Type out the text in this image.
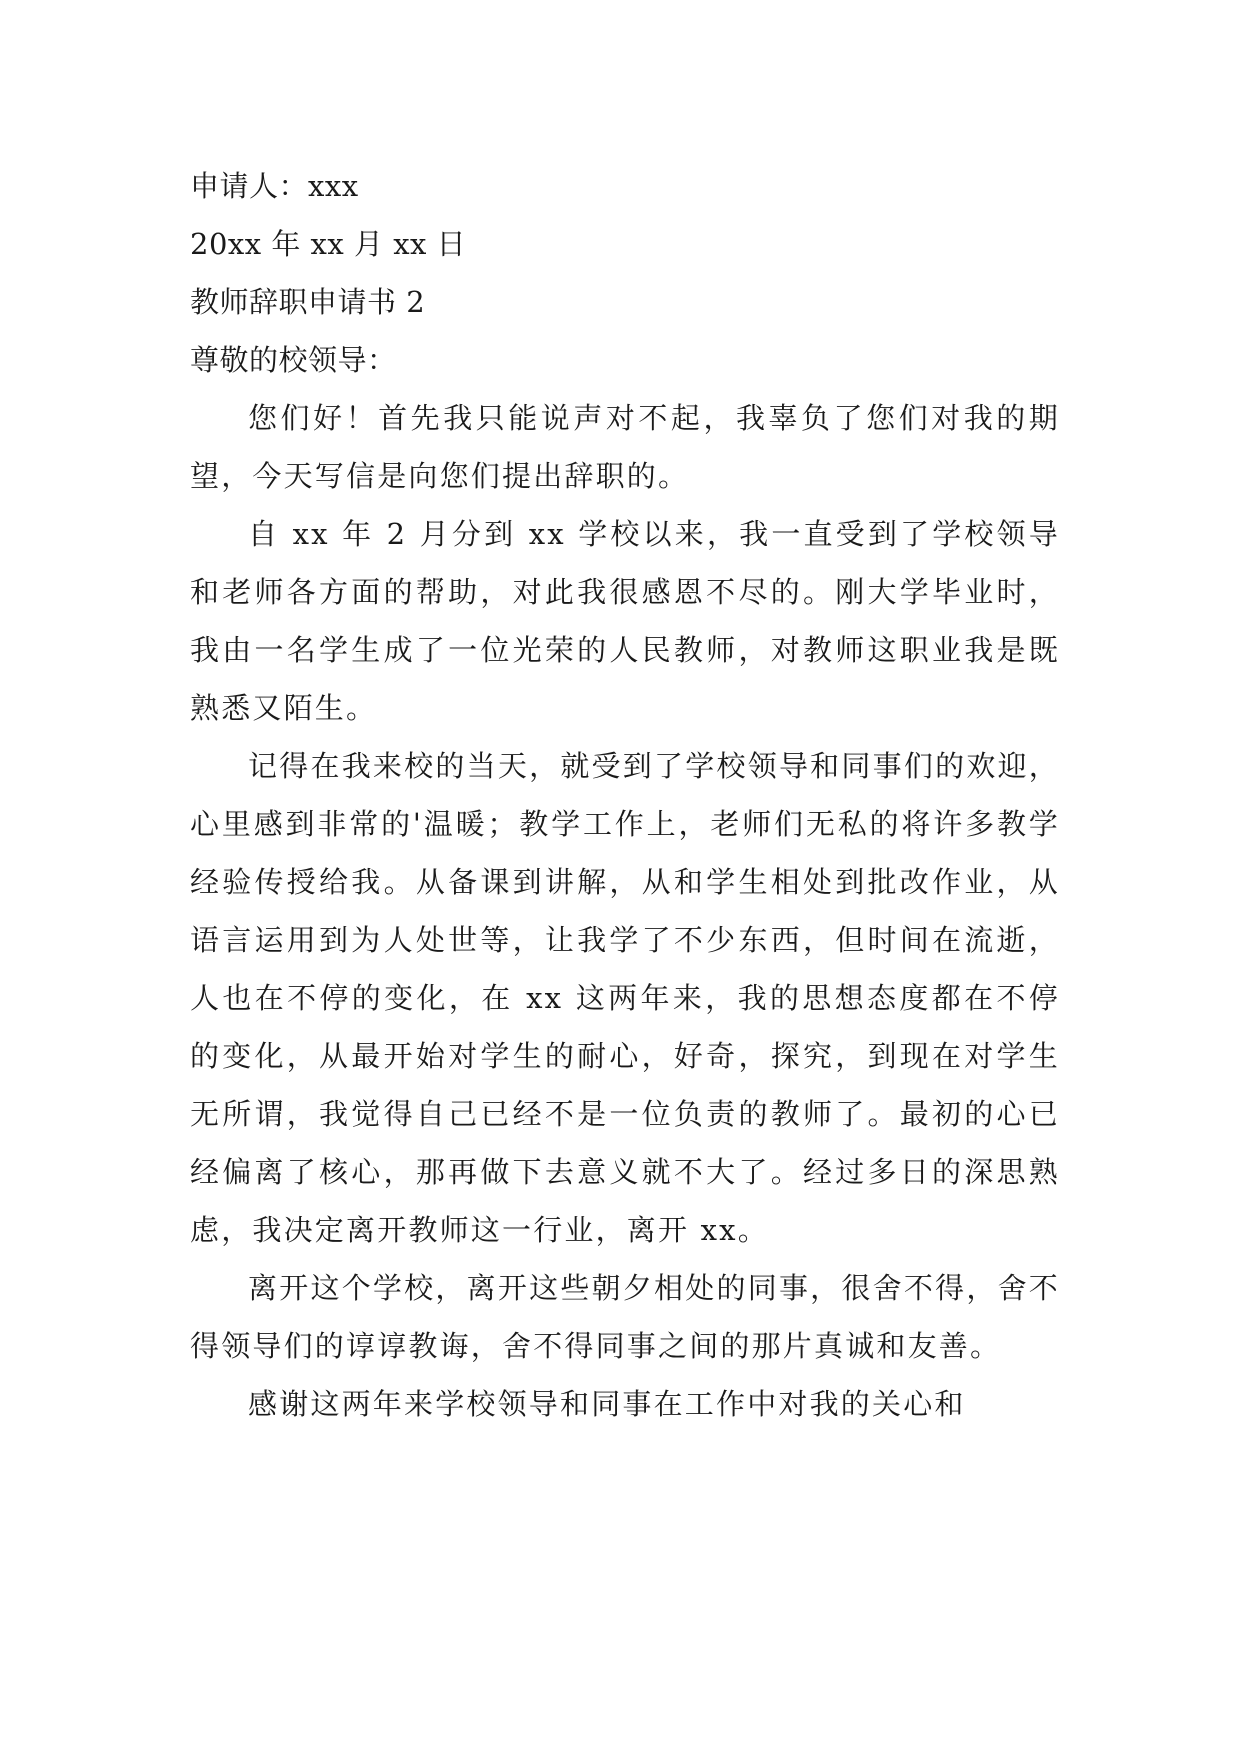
申请人：xxx

20xx 年 xx 月 xx 日

教师辞职申请书 2

尊敬的校领导：

您们好！首先我只能说声对不起，我辜负了您们对我的期望，今天写信是向您们提出辞职的。

自 xx 年 2 月分到 xx 学校以来，我一直受到了学校领导和老师各方面的帮助，对此我很感恩不尽的。刚大学毕业时，我由一名学生成了一位光荣的人民教师，对教师这职业我是既熟悉又陌生。

记得在我来校的当天，就受到了学校领导和同事们的欢迎，心里感到非常的'温暖；教学工作上，老师们无私的将许多教学经验传授给我。从备课到讲解，从和学生相处到批改作业，从语言运用到为人处世等，让我学了不少东西，但时间在流逝，人也在不停的变化，在 xx 这两年来，我的思想态度都在不停的变化，从最开始对学生的耐心，好奇，探究，到现在对学生无所谓，我觉得自己已经不是一位负责的教师了。最初的心已经偏离了核心，那再做下去意义就不大了。经过多日的深思熟虑，我决定离开教师这一行业，离开 xx。

离开这个学校，离开这些朝夕相处的同事，很舍不得，舍不得领导们的谆谆教诲，舍不得同事之间的那片真诚和友善。

感谢这两年来学校领导和同事在工作中对我的关心和
